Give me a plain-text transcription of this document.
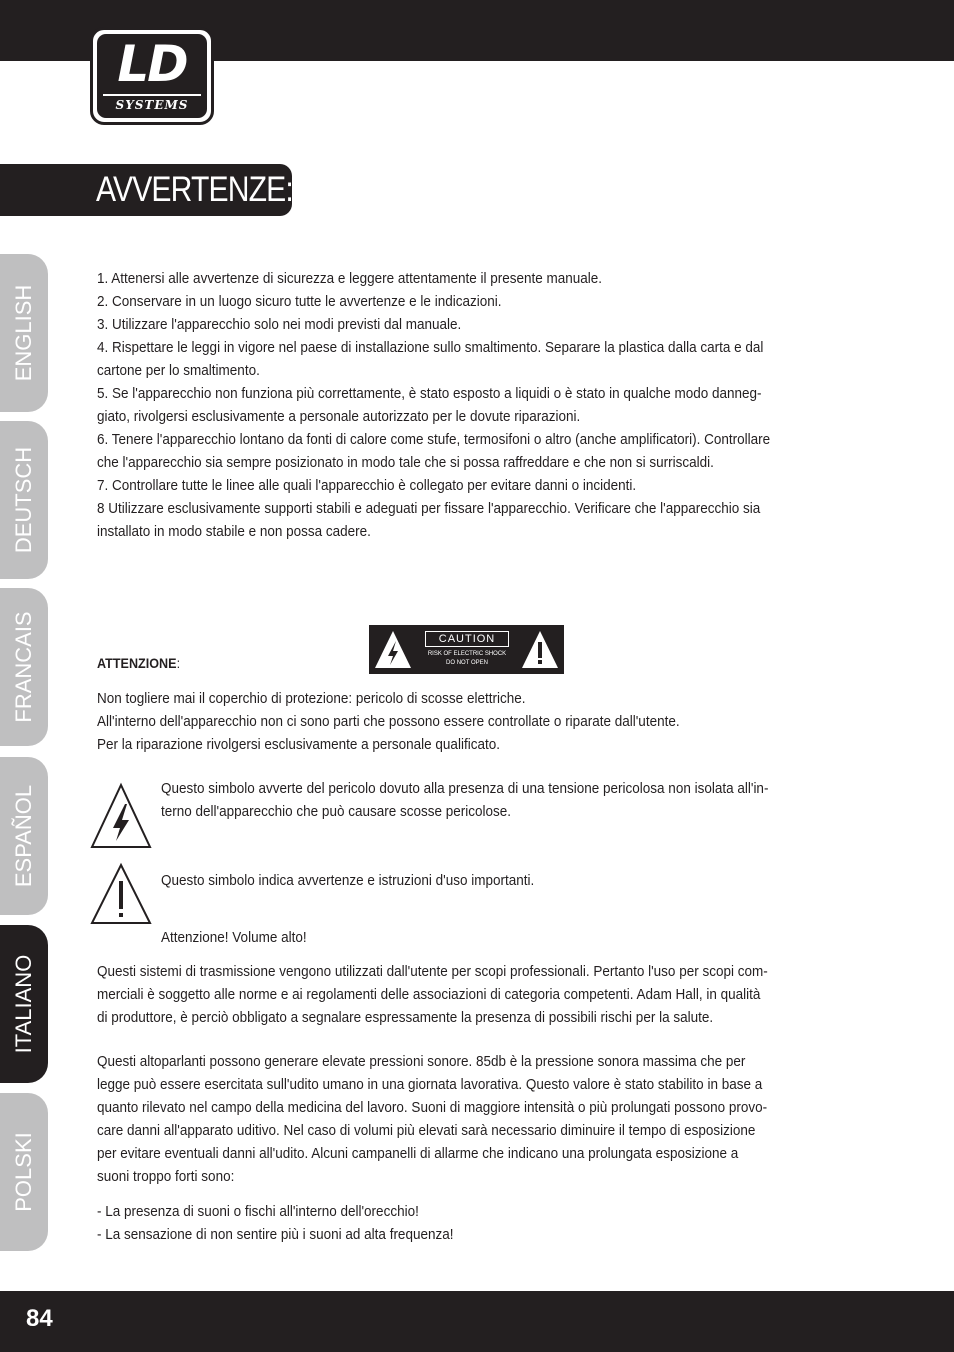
LD
SYSTEMS
AVVERTENZE:
ENGLISH
DEUTSCH
FRANCAIS
ESPAÑOL
ITALIANO
POLSKI

1. Attenersi alle avvertenze di sicurezza e leggere attentamente il presente manuale.

2. Conservare in un luogo sicuro tutte le avvertenze e le indicazioni.

3. Utilizzare l'apparecchio solo nei modi previsti dal manuale.

4. Rispettare le leggi in vigore nel paese di installazione sullo smaltimento. Separare la plastica dalla carta e dal

cartone per lo smaltimento.

5. Se l'apparecchio non funziona più correttamente, è stato esposto a liquidi o è stato in qualche modo danneg-

giato, rivolgersi esclusivamente a personale autorizzato per le dovute riparazioni.

6. Tenere l'apparecchio lontano da fonti di calore come stufe, termosifoni o altro (anche amplificatori). Controllare

che l'apparecchio sia sempre posizionato in modo tale che si possa raffreddare e che non si surriscaldi.

7. Controllare tutte le linee alle quali l'apparecchio è collegato per evitare danni o incidenti.

8 Utilizzare esclusivamente supporti stabili e adeguati per fissare l'apparecchio. Verificare che l'apparecchio sia

installato in modo stabile e non possa cadere.

ATTENZIONE:
CAUTION
RISK OF ELECTRIC SHOCK
DO NOT OPEN

Non togliere mai il coperchio di protezione: pericolo di scosse elettriche.

All'interno dell'apparecchio non ci sono parti che possono essere controllate o riparate dall'utente.

Per la riparazione rivolgersi esclusivamente a personale qualificato.

Questo simbolo avverte del pericolo dovuto alla presenza di una tensione pericolosa non isolata all'in-

terno dell'apparecchio che può causare scosse pericolose.

Questo simbolo indica avvertenze e istruzioni d'uso importanti.

Attenzione! Volume alto!

Questi sistemi di trasmissione vengono utilizzati dall'utente per scopi professionali. Pertanto l'uso per scopi com-

merciali è soggetto alle norme e ai regolamenti delle associazioni di categoria competenti. Adam Hall, in qualità

di produttore, è perciò obbligato a segnalare espressamente la presenza di possibili rischi per la salute.

Questi altoparlanti possono generare elevate pressioni sonore. 85db è la pressione sonora massima che per

legge può essere esercitata sull'udito umano in una giornata lavorativa. Questo valore è stato stabilito in base a

quanto rilevato nel campo della medicina del lavoro. Suoni di maggiore intensità o più prolungati possono provo-

care danni all'apparato uditivo. Nel caso di volumi più elevati sarà necessario diminuire il tempo di esposizione

per evitare eventuali danni all'udito. Alcuni campanelli di allarme che indicano una prolungata esposizione a

suoni troppo forti sono:

- La presenza di suoni o fischi all'interno dell'orecchio!

- La sensazione di non sentire più i suoni ad alta frequenza!

84
